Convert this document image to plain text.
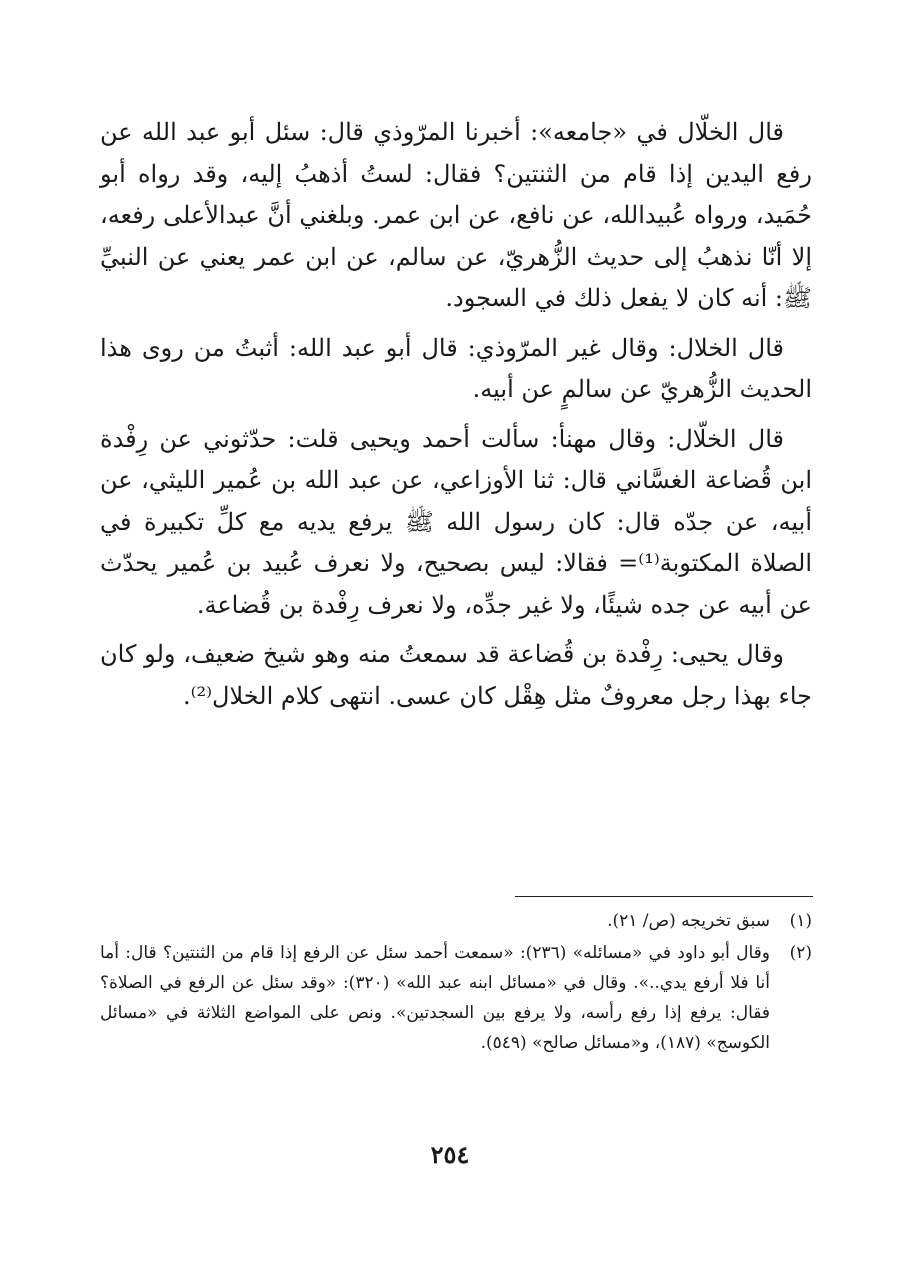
قال الخلّال في «جامعه»: أخبرنا المرّوذي قال: سئل أبو عبد الله عن رفع اليدين إذا قام من الثنتين؟ فقال: لستُ أذهبُ إليه، وقد رواه أبو حُمَيد، ورواه عُبيدالله، عن نافع، عن ابن عمر. وبلغني أنَّ عبدالأعلى رفعه، إلا أنّا نذهبُ إلى حديث الزُّهريّ، عن سالم، عن ابن عمر يعني عن النبيِّ ﷺ: أنه كان لا يفعل ذلك في السجود.

قال الخلال: وقال غير المرّوذي: قال أبو عبد الله: أثبتُ من روى هذا الحديث الزُّهريّ عن سالمٍ عن أبيه.

قال الخلّال: وقال مهنأ: سألت أحمد ويحيى قلت: حدّثوني عن رِفْدة ابن قُضاعة الغسَّاني قال: ثنا الأوزاعي، عن عبد الله بن عُمير الليثي، عن أبيه، عن جدّه قال: كان رسول الله ﷺ يرفع يديه مع كلِّ تكبيرة في الصلاة المكتوبة⁽¹⁾= فقالا: ليس بصحيح، ولا نعرف عُبيد بن عُمير يحدّث عن أبيه عن جده شيئًا، ولا غير جدِّه، ولا نعرف رِفْدة بن قُضاعة.

وقال يحيى: رِفْدة بن قُضاعة قد سمعتُ منه وهو شيخ ضعيف، ولو كان جاء بهذا رجل معروفٌ مثل هِقْل كان عسى. انتهى كلام الخلال⁽²⁾.

(١)
سبق تخريجه (ص/ ٢١).
(٢)
وقال أبو داود في «مسائله» (٢٣٦): «سمعت أحمد سئل عن الرفع إذا قام من الثنتين؟ قال: أما أنا فلا أرفع يدي..». وقال في «مسائل ابنه عبد الله» (٣٢٠): «وقد سئل عن الرفع في الصلاة؟ فقال: يرفع إذا رفع رأسه، ولا يرفع بين السجدتين». ونص على المواضع الثلاثة في «مسائل الكوسج» (١٨٧)، و«مسائل صالح» (٥٤٩).
٢٥٤
